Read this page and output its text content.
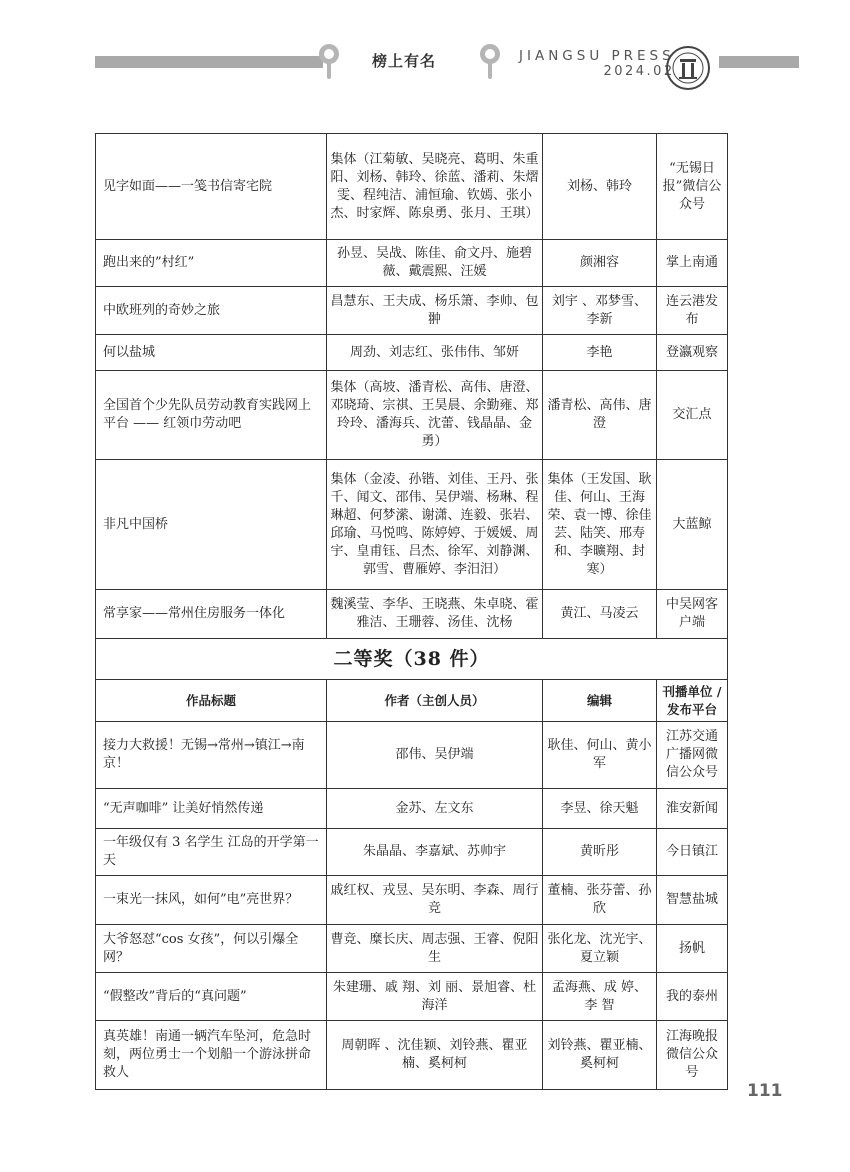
榜上有名	JIANGSU PRESS
2024.02
见字如面——一笺书信寄宅院	集体（江菊敏、吴晓亮、葛明、朱重阳、刘杨、韩玲、徐蓝、潘莉、朱熠雯、程纯洁、浦恒瑜、钦嫣、张小杰、时家辉、陈泉勇、张月、王琪）	刘杨、韩玲	“无锡日报”微信公众号
跑出来的”村红”	孙昱、吴战、陈佳、俞文丹、施碧薇、戴震熙、汪媛	颜湘容	掌上南通
中欧班列的奇妙之旅	昌慧东、王夫成、杨乐箫、李帅、包翀	刘宇 、邓梦雪、李新	连云港发布
何以盐城	周劲、刘志红、张伟伟、邹妍	李艳	登瀛观察
全国首个少先队员劳动教育实践网上平台 —— 红领巾劳动吧	集体（高坡、潘青松、高伟、唐澄、邓晓琦、宗祺、王昊晨、余勤雍、郑玲玲、潘海兵、沈蕾、钱晶晶、金勇）	潘青松、高伟、唐澄	交汇点
非凡中国桥	集体（金凌、孙锴、刘佳、王丹、张千、闻文、邵伟、吴伊端、杨琳、程琳超、何梦潆、谢潇、连毅、张岩、邱瑜、马悦鸣、陈婷婷、于媛媛、周宇、皇甫钰、吕杰、徐军、刘静渊、郭雪、曹雁婷、李汨汨）	集体（王发国、耿佳、何山、王海荣、袁一博、徐佳芸、陆笑、邢寿和、李曠翔、封寒）	大蓝鲸
常享家——常州住房服务一体化	魏溪莹、李华、王晓燕、朱卓晓、霍雅洁、王珊蓉、汤佳、沈杨	黄江、马凌云	中吴网客户端
二等奖（38 件）			
作品标题	作者（主创人员）	编辑	刊播单位 / 发布平台
接力大救援！无锡→常州→镇江→南京！	邵伟、吴伊端	耿佳、何山、黄小军	江苏交通广播网微信公众号
“无声咖啡” 让美好悄然传递	金苏、左文东	李昱、徐天魁	淮安新闻
一年级仅有 3 名学生 江岛的开学第一天	朱晶晶、李嘉斌、苏帅宇	黄昕彤	今日镇江
一束光一抹风，如何”电”亮世界？	戚红权、戎昱、吴东明、李森、周行竞	董楠、张芬蕾、孙欣	智慧盐城
大爷怒怼“cos 女孩”，何以引爆全网？	曹竞、糜长庆、周志强、王睿、倪阳生	张化龙、沈光宇、夏立颖	扬帆
“假整改”背后的“真问题”	朱建珊、戚 翔、刘 丽、景旭睿、杜海洋	孟海燕、成 婷、李 智	我的泰州
真英雄！南通一辆汽车坠河，危急时刻，两位勇士一个划船一个游泳拼命救人	周朝晖 、沈佳颖、刘铃燕、瞿亚楠、奚柯柯	刘铃燕、瞿亚楠、奚柯柯	江海晚报微信公众号
111
